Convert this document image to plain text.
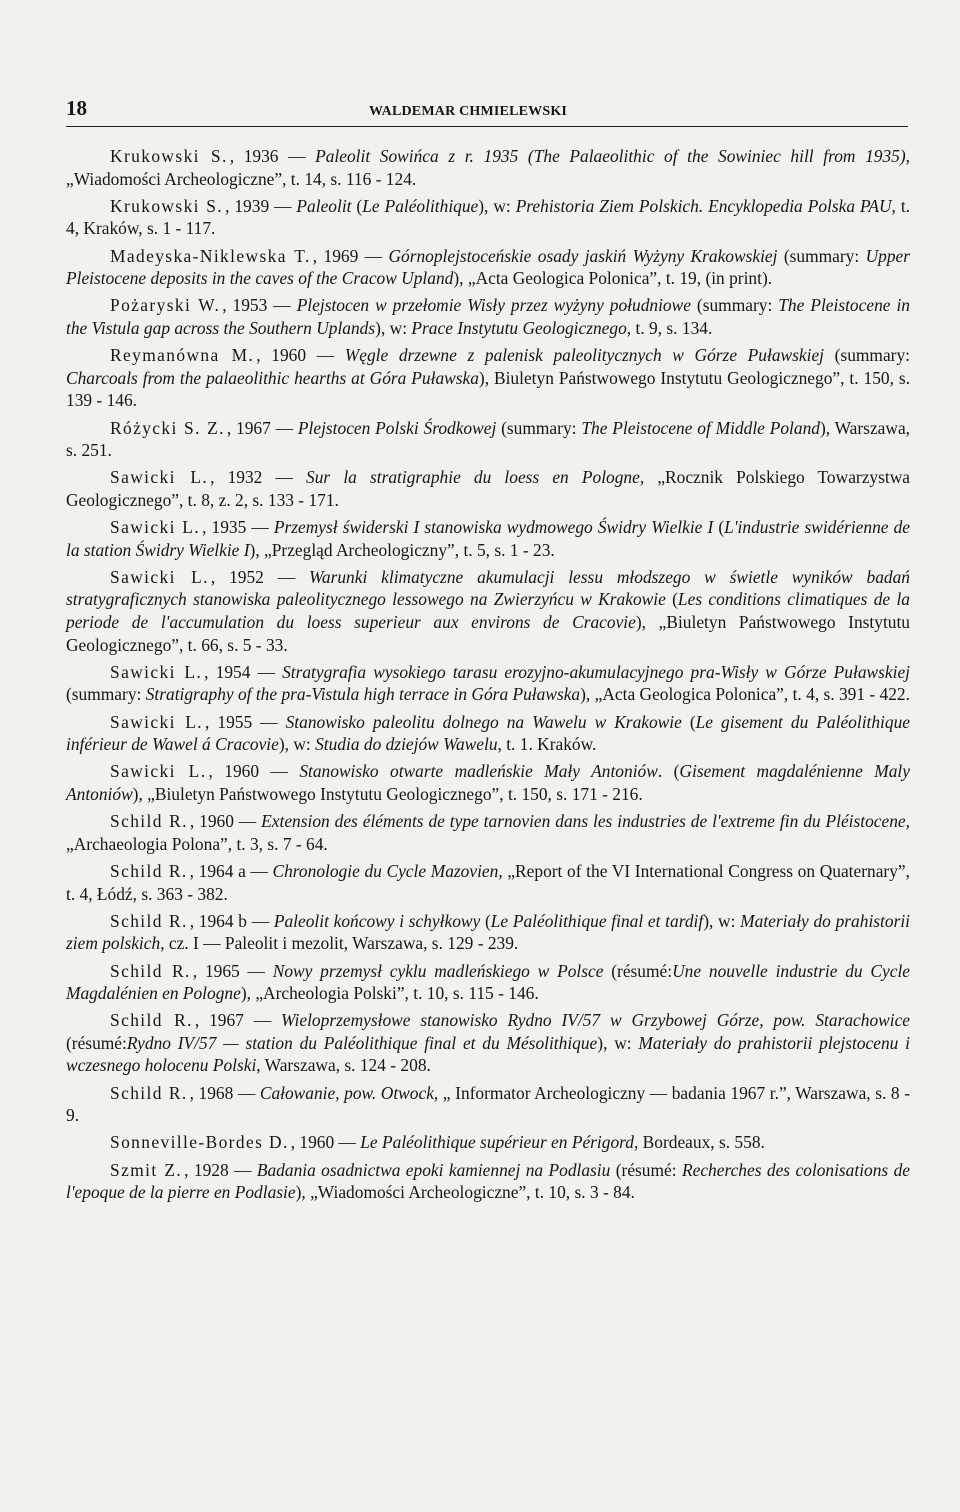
18	WALDEMAR CHMIELEWSKI

Krukowski S. , 1936 — Paleolit Sowińca z r. 1935 (The Palaeolithic of the Sowiniec hill from 1935), „Wiadomości Archeologiczne”, t. 14, s. 116 - 124.

Krukowski S. , 1939 — Paleolit (Le Paléolithique), w: Prehistoria Ziem Polskich. Encyklopedia Polska PAU, t. 4, Kraków, s. 1 - 117.

Madeyska-Niklewska T. , 1969 — Górnoplejstoceńskie osady jaskiń Wyżyny Krakowskiej (summary: Upper Pleistocene deposits in the caves of the Cracow Upland), „Acta Geologica Polonica”, t. 19, (in print).

Pożaryski W. , 1953 — Plejstocen w przełomie Wisły przez wyżyny południowe (summary: The Pleistocene in the Vistula gap across the Southern Uplands), w: Prace Instytutu Geologicznego, t. 9, s. 134.

Reymanówna M. , 1960 — Węgle drzewne z palenisk paleolitycznych w Górze Puławskiej (summary: Charcoals from the palaeolithic hearths at Góra Puławska), Biuletyn Państwowego Instytutu Geologicznego”, t. 150, s. 139 - 146.

Różycki S. Z. , 1967 — Plejstocen Polski Środkowej (summary: The Pleistocene of Middle Poland), Warszawa, s. 251.

Sawicki L. , 1932 — Sur la stratigraphie du loess en Pologne, „Rocznik Polskiego Towarzystwa Geologicznego”, t. 8, z. 2, s. 133 - 171.

Sawicki L. , 1935 — Przemysł świderski I stanowiska wydmowego Świdry Wielkie I (L'industrie swidérienne de la station Świdry Wielkie I), „Przegląd Archeologiczny”, t. 5, s. 1 - 23.

Sawicki L. , 1952 — Warunki klimatyczne akumulacji lessu młodszego w świetle wyników badań stratygraficznych stanowiska paleolitycznego lessowego na Zwierzyńcu w Krakowie (Les conditions climatiques de la periode de l'accumulation du loess superieur aux environs de Cracovie), „Biuletyn Państwowego Instytutu Geologicznego”, t. 66, s. 5 - 33.

Sawicki L. , 1954 — Stratygrafia wysokiego tarasu erozyjno-akumulacyjnego pra-Wisły w Górze Puławskiej (summary: Stratigraphy of the pra-Vistula high terrace in Góra Puławska), „Acta Geologica Polonica”, t. 4, s. 391 - 422.

Sawicki L. , 1955 — Stanowisko paleolitu dolnego na Wawelu w Krakowie (Le gisement du Paléolithique inférieur de Wawel á Cracovie), w: Studia do dziejów Wawelu, t. 1. Kraków.

Sawicki L. , 1960 — Stanowisko otwarte madleńskie Mały Antoniów. (Gisement magdalénienne Maly Antoniów), „Biuletyn Państwowego Instytutu Geologicznego”, t. 150, s. 171 - 216.

Schild R. , 1960 — Extension des éléments de type tarnovien dans les industries de l'extreme fin du Pléistocene, „Archaeologia Polona”, t. 3, s. 7 - 64.

Schild R. , 1964 a — Chronologie du Cycle Mazovien, „Report of the VI International Congress on Quaternary”, t. 4, Łódź, s. 363 - 382.

Schild R. , 1964 b — Paleolit końcowy i schyłkowy (Le Paléolithique final et tardif), w: Materiały do prahistorii ziem polskich, cz. I — Paleolit i mezolit, Warszawa, s. 129 - 239.

Schild R. , 1965 — Nowy przemysł cyklu madleńskiego w Polsce (résumé:Une nouvelle industrie du Cycle Magdalénien en Pologne), „Archeologia Polski”, t. 10, s. 115 - 146.

Schild R. , 1967 — Wieloprzemysłowe stanowisko Rydno IV/57 w Grzybowej Górze, pow. Starachowice (résumé:Rydno IV/57 — station du Paléolithique final et du Mésolithique), w: Materiały do prahistorii plejstocenu i wczesnego holocenu Polski, Warszawa, s. 124 - 208.

Schild R. , 1968 — Całowanie, pow. Otwock, „ Informator Archeologiczny — badania 1967 r.”, Warszawa, s. 8 - 9.

Sonneville-Bordes D. , 1960 — Le Paléolithique supérieur en Périgord, Bordeaux, s. 558.

Szmit Z. , 1928 — Badania osadnictwa epoki kamiennej na Podlasiu (résumé: Recherches des colonisations de l'epoque de la pierre en Podlasie), „Wiadomości Archeologiczne”, t. 10, s. 3 - 84.
